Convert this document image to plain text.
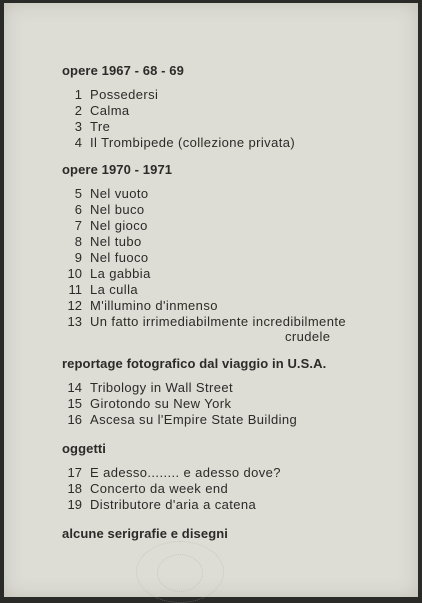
opere 1967 - 68 - 69
1 Possedersi
2 Calma
3 Tre
4 Il Trombipede (collezione privata)
opere 1970 - 1971
5 Nel vuoto
6 Nel buco
7 Nel gioco
8 Nel tubo
9 Nel fuoco
10 La gabbia
11 La culla
12 M'illumino d'inmenso
13 Un fatto irrimediabilmente incredibilmente
crudele
reportage fotografico dal viaggio in U.S.A.
14 Tribology in Wall Street
15 Girotondo su New York
16 Ascesa su l'Empire State Building
oggetti
17 E adesso........ e adesso dove?
18 Concerto da week end
19 Distributore d'aria a catena
alcune serigrafie e disegni
